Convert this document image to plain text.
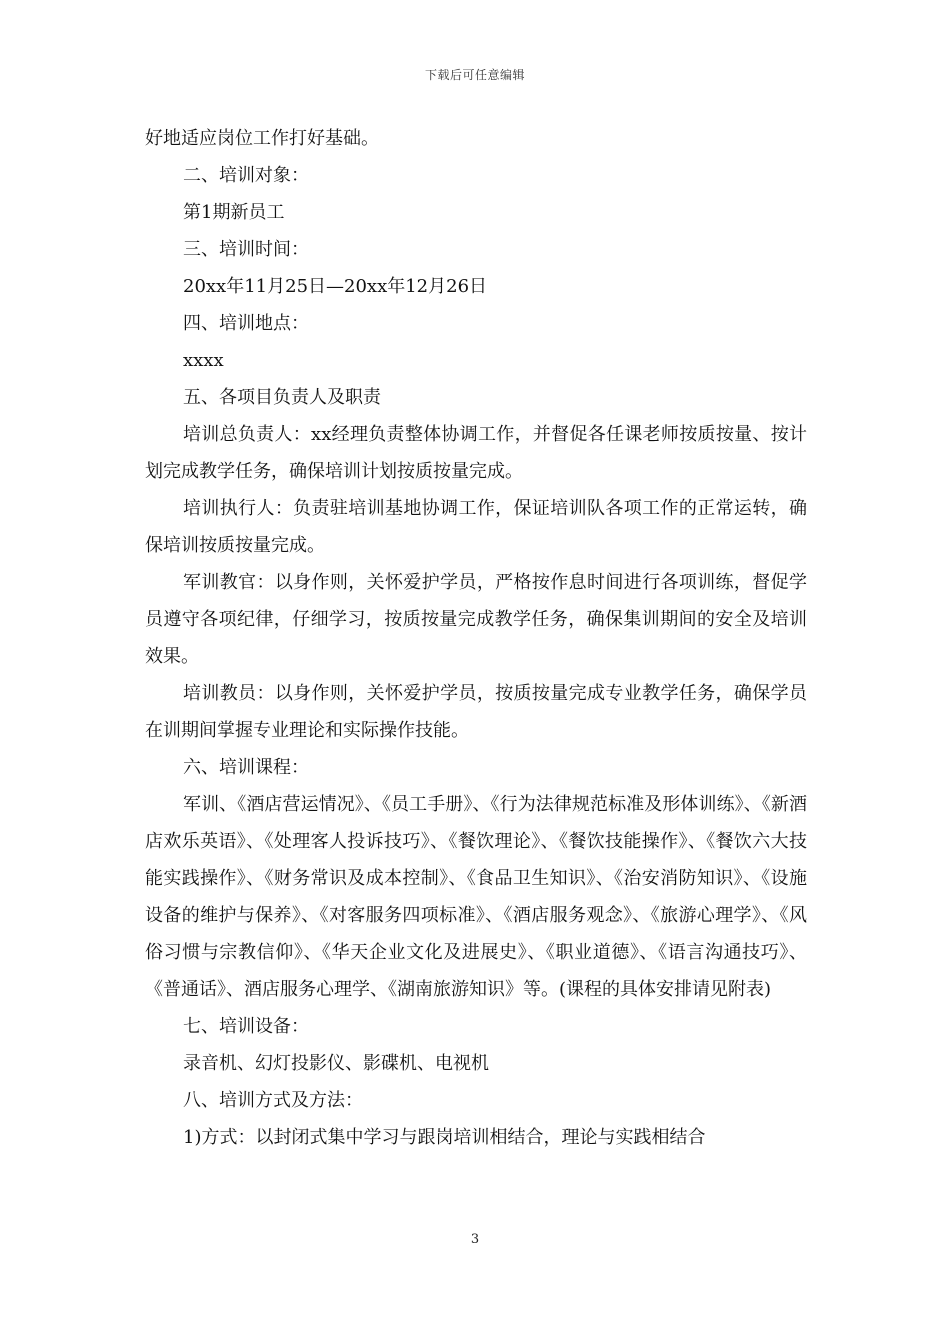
下载后可任意编辑

好地适应岗位工作打好基础。

二、培训对象：

第1期新员工

三、培训时间：

20xx年11月25日—20xx年12月26日

四、培训地点：

xxxx

五、各项目负责人及职责

培训总负责人：xx经理负责整体协调工作，并督促各任课老师按质按量、按计划完成教学任务，确保培训计划按质按量完成。

培训执行人：负责驻培训基地协调工作，保证培训队各项工作的正常运转，确保培训按质按量完成。

军训教官：以身作则，关怀爱护学员，严格按作息时间进行各项训练，督促学员遵守各项纪律，仔细学习，按质按量完成教学任务，确保集训期间的安全及培训效果。

培训教员：以身作则，关怀爱护学员，按质按量完成专业教学任务，确保学员在训期间掌握专业理论和实际操作技能。

六、培训课程：

军训、《酒店营运情况》、《员工手册》、《行为法律规范标准及形体训练》、《新酒店欢乐英语》、《处理客人投诉技巧》、《餐饮理论》、《餐饮技能操作》、《餐饮六大技能实践操作》、《财务常识及成本控制》、《食品卫生知识》、《治安消防知识》、《设施设备的维护与保养》、《对客服务四项标准》、《酒店服务观念》、《旅游心理学》、《风俗习惯与宗教信仰》、《华天企业文化及进展史》、《职业道德》、《语言沟通技巧》、《普通话》、酒店服务心理学、《湖南旅游知识》等。(课程的具体安排请见附表)

七、培训设备：

录音机、幻灯投影仪、影碟机、电视机

八、培训方式及方法：

1)方式：以封闭式集中学习与跟岗培训相结合，理论与实践相结合

3
